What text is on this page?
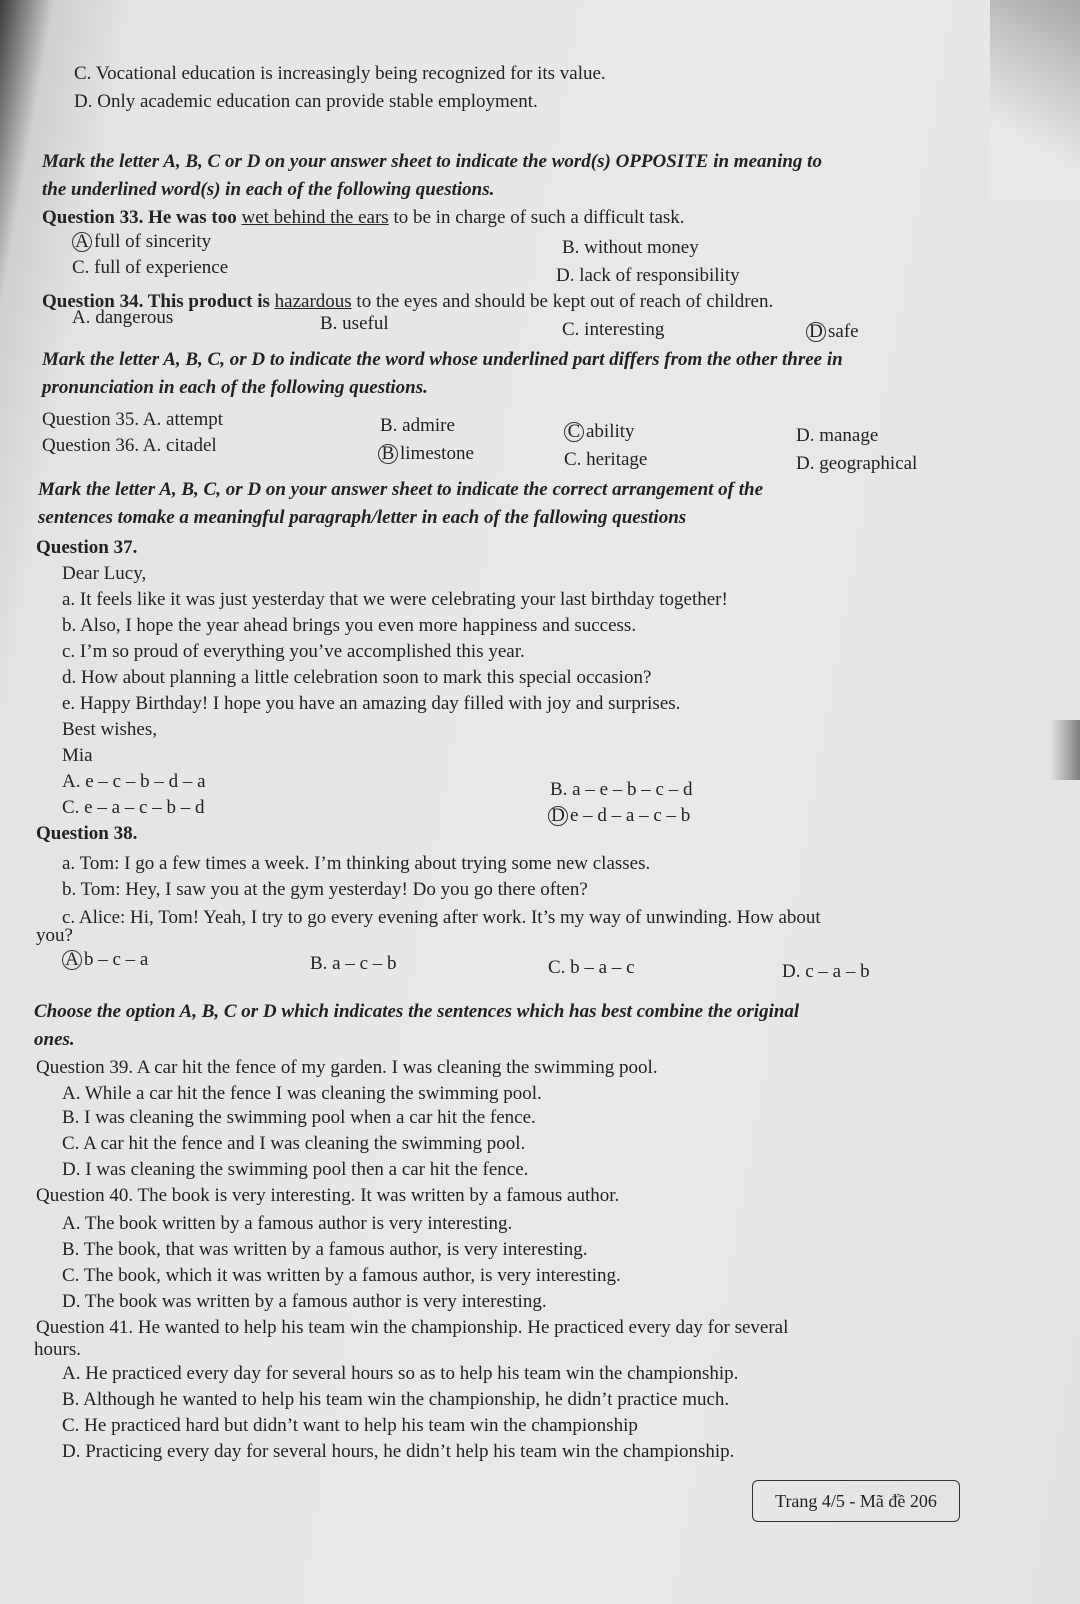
C. Vocational education is increasingly being recognized for its value.
D. Only academic education can provide stable employment.
Mark the letter A, B, C or D on your answer sheet to indicate the word(s) OPPOSITE in meaning to
the underlined word(s) in each of the following questions.
Question 33. He was too wet behind the ears to be in charge of such a difficult task.
A full of sincerity	B. without money
C. full of experience	D. lack of responsibility
Question 34. This product is hazardous to the eyes and should be kept out of reach of children.
A. dangerous	B. useful	C. interesting	D safe
Mark the letter A, B, C, or D to indicate the word whose underlined part differs from the other three in
pronunciation in each of the following questions.
Question 35. A. attempt	B. admire	C ability	D. manage
Question 36. A. citadel	B limestone	C. heritage	D. geographical
Mark the letter A, B, C, or D on your answer sheet to indicate the correct arrangement of the
sentences tomake a meaningful paragraph/letter in each of the fallowing questions
Question 37.
Dear Lucy,
a. It feels like it was just yesterday that we were celebrating your last birthday together!
b. Also, I hope the year ahead brings you even more happiness and success.
c. I’m so proud of everything you’ve accomplished this year.
d. How about planning a little celebration soon to mark this special occasion?
e. Happy Birthday! I hope you have an amazing day filled with joy and surprises.
Best wishes,
Mia
A. e – c – b – d – a	B. a – e – b – c – d
C. e – a – c – b – d	D e – d – a – c – b
Question 38.
a. Tom: I go a few times a week. I’m thinking about trying some new classes.
b. Tom: Hey, I saw you at the gym yesterday! Do you go there often?
c. Alice: Hi, Tom! Yeah, I try to go every evening after work. It’s my way of unwinding. How about
you?
A b – c – a	B. a – c – b	C. b – a – c	D. c – a – b
Choose the option A, B, C or D which indicates the sentences which has best combine the original
ones.
Question 39. A car hit the fence of my garden. I was cleaning the swimming pool.
A. While a car hit the fence I was cleaning the swimming pool.
B. I was cleaning the swimming pool when a car hit the fence.
C. A car hit the fence and I was cleaning the swimming pool.
D. I was cleaning the swimming pool then a car hit the fence.
Question 40. The book is very interesting. It was written by a famous author.
A. The book written by a famous author is very interesting.
B. The book, that was written by a famous author, is very interesting.
C. The book, which it was written by a famous author, is very interesting.
D. The book was written by a famous author is very interesting.
Question 41. He wanted to help his team win the championship. He practiced every day for several
hours.
A. He practiced every day for several hours so as to help his team win the championship.
B. Although he wanted to help his team win the championship, he didn’t practice much.
C. He practiced hard but didn’t want to help his team win the championship
D. Practicing every day for several hours, he didn’t help his team win the championship.
Trang 4/5 - Mã đề 206
